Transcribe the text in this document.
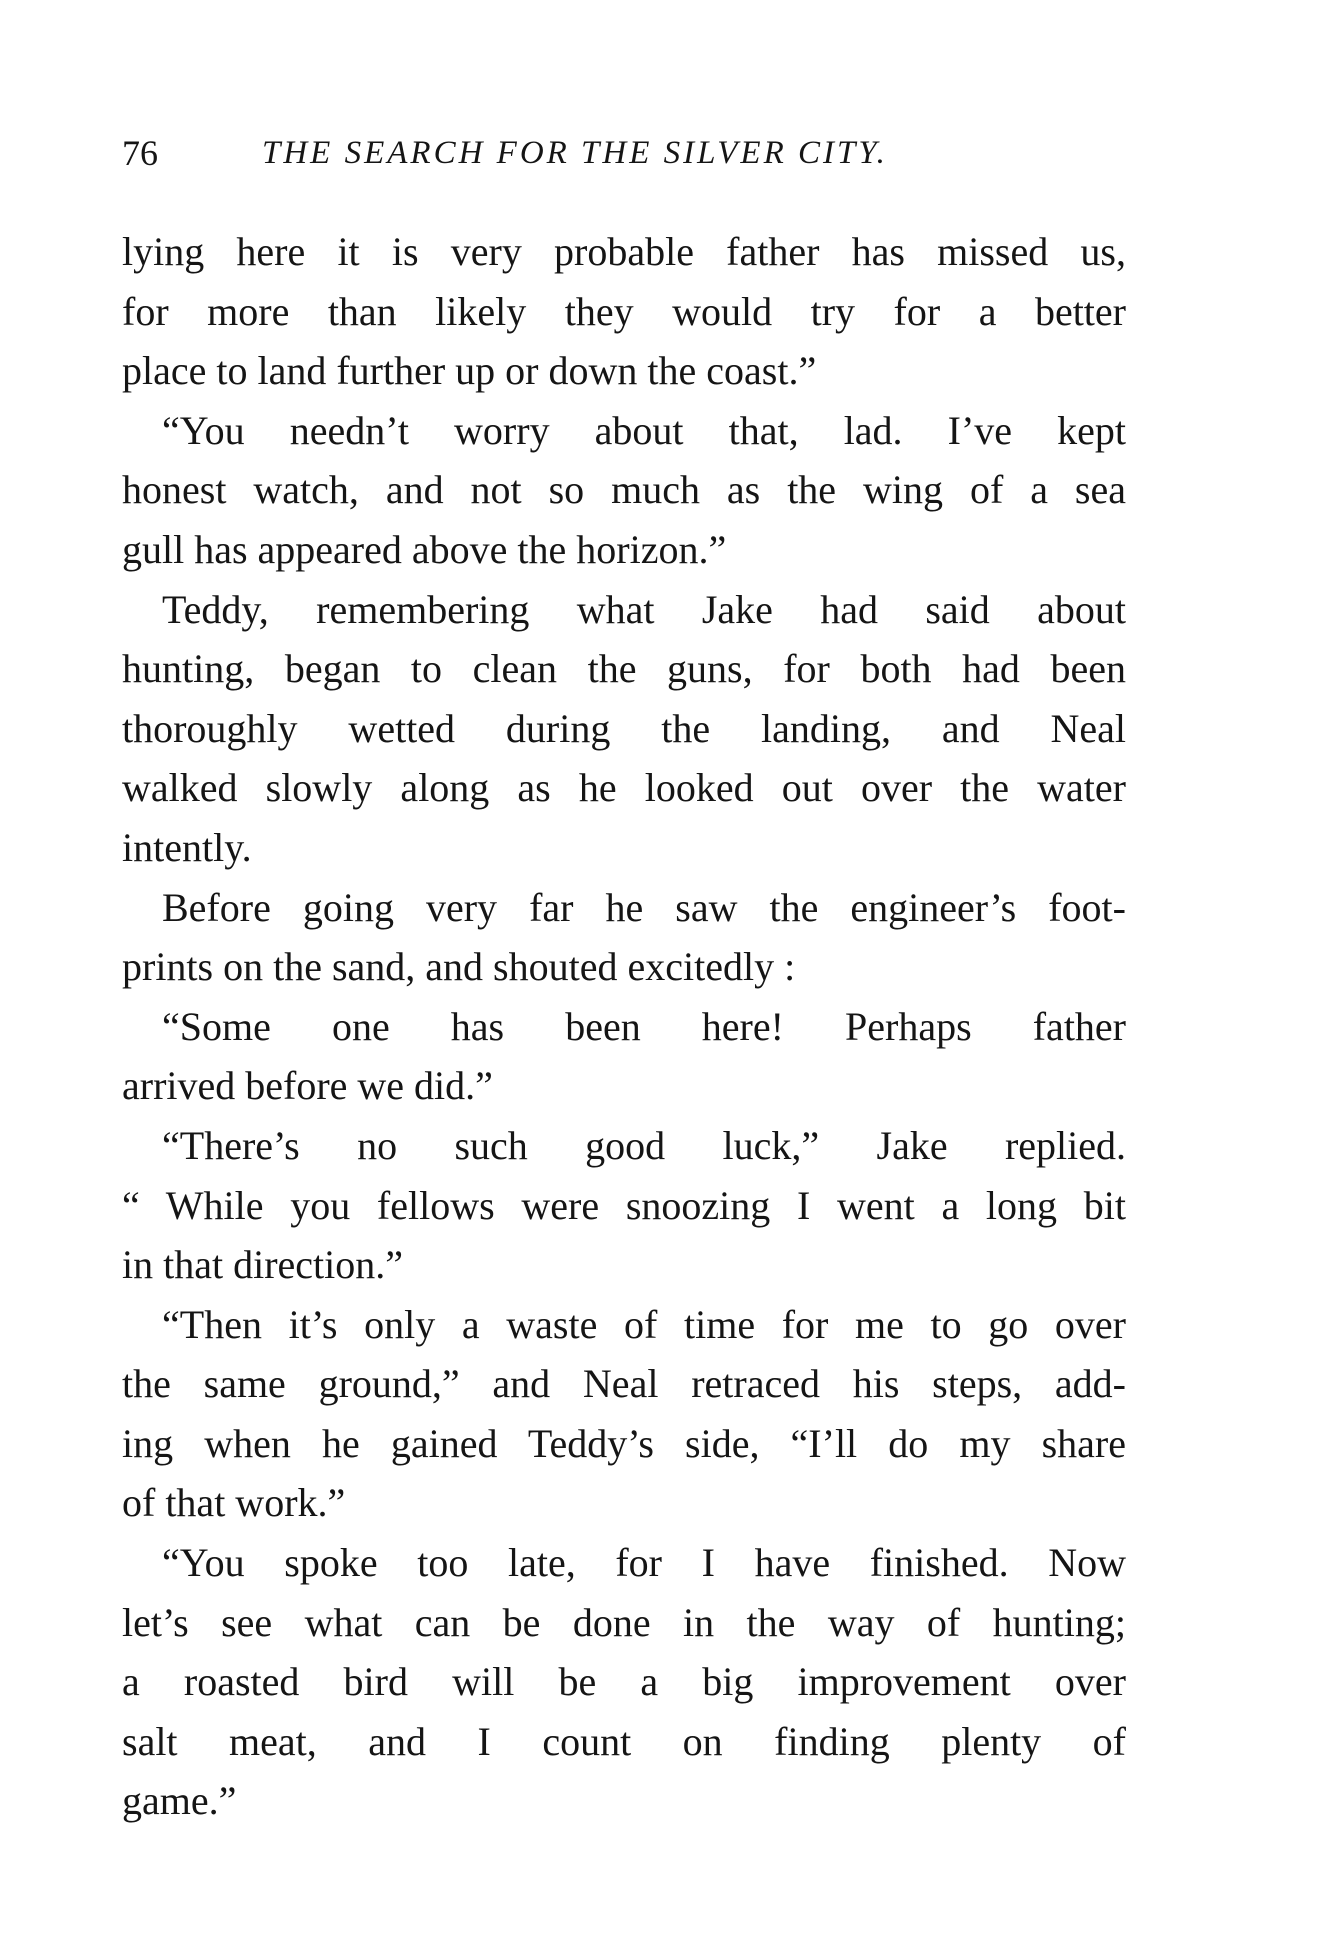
76	THE SEARCH FOR THE SILVER CITY.
lying here it is very probable father has missed us,
for more than likely they would try for a better
place to land further up or down the coast.”
“You needn’t worry about that, lad. I’ve kept
honest watch, and not so much as the wing of a sea
gull has appeared above the horizon.”
Teddy, remembering what Jake had said about
hunting, began to clean the guns, for both had been
thoroughly wetted during the landing, and Neal
walked slowly along as he looked out over the water
intently.
Before going very far he saw the engineer’s foot-
prints on the sand, and shouted excitedly :
“Some one has been here! Perhaps father
arrived before we did.”
“There’s no such good luck,” Jake replied.
“ While you fellows were snoozing I went a long bit
in that direction.”
“Then it’s only a waste of time for me to go over
the same ground,” and Neal retraced his steps, add-
ing when he gained Teddy’s side, “I’ll do my share
of that work.”
“You spoke too late, for I have finished. Now
let’s see what can be done in the way of hunting;
a roasted bird will be a big improvement over
salt meat, and I count on finding plenty of
game.”
